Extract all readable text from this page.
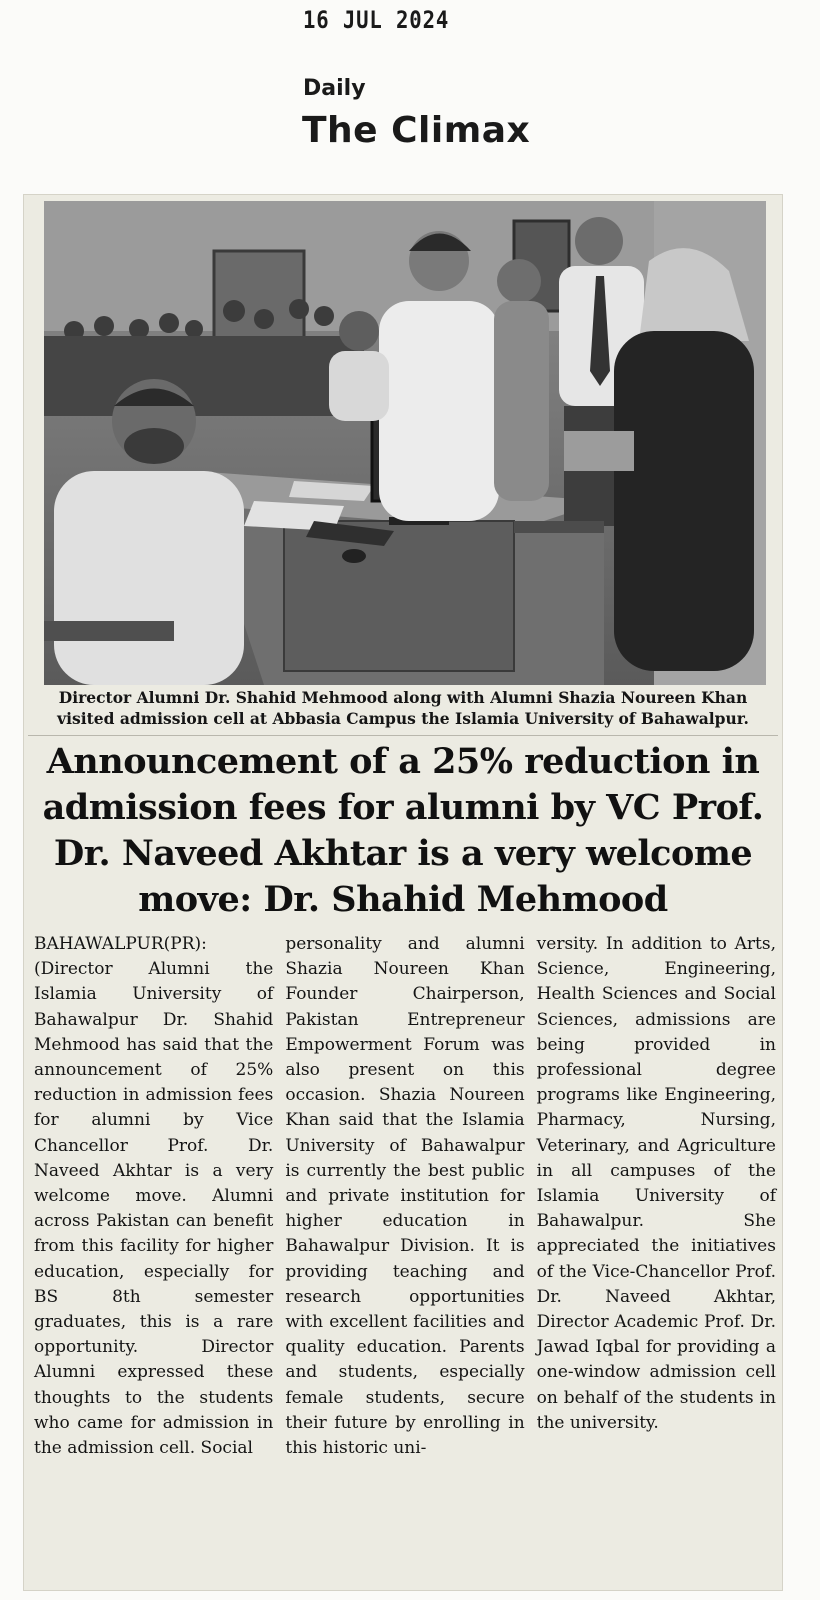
16 JUL 2024
Daily
The Climax
Director Alumni Dr. Shahid Mehmood along with Alumni Shazia Noureen Khan
visited admission cell at Abbasia Campus the Islamia University of Bahawalpur.
Announcement of a 25% reduction in admission fees for alumni by VC Prof. Dr. Naveed Akhtar is a very welcome move: Dr. Shahid Mehmood

BAHAWALPUR(PR): (Director Alumni the Islamia University of Bahawalpur Dr. Shahid Mehmood has said that the announcement of 25% reduction in admission fees for alumni by Vice Chancellor Prof. Dr. Naveed Akhtar is a very welcome move. Alumni across Pakistan can benefit from this facility for higher education, especially for BS 8th semester graduates, this is a rare opportunity. Director Alumni expressed these thoughts to the students who came for admission in the admission cell. Social

personality and alumni Shazia Noureen Khan Founder Chairperson, Pakistan Entrepreneur Empowerment Forum was also present on this occasion. Shazia Noureen Khan said that the Islamia University of Bahawalpur is currently the best public and private institution for higher education in Bahawalpur Division. It is providing teaching and research opportunities with excellent facilities and quality education. Parents and students, especially female students, secure their future by enrolling in this historic uni-

versity. In addition to Arts, Science, Engineering, Health Sciences and Social Sciences, admissions are being provided in professional degree programs like Engineering, Pharmacy, Nursing, Veterinary, and Agriculture in all campuses of the Islamia University of Bahawalpur. She appreciated the initiatives of the Vice-Chancellor Prof. Dr. Naveed Akhtar, Director Academic Prof. Dr. Jawad Iqbal for providing a one-window admission cell on behalf of the students in the university.
